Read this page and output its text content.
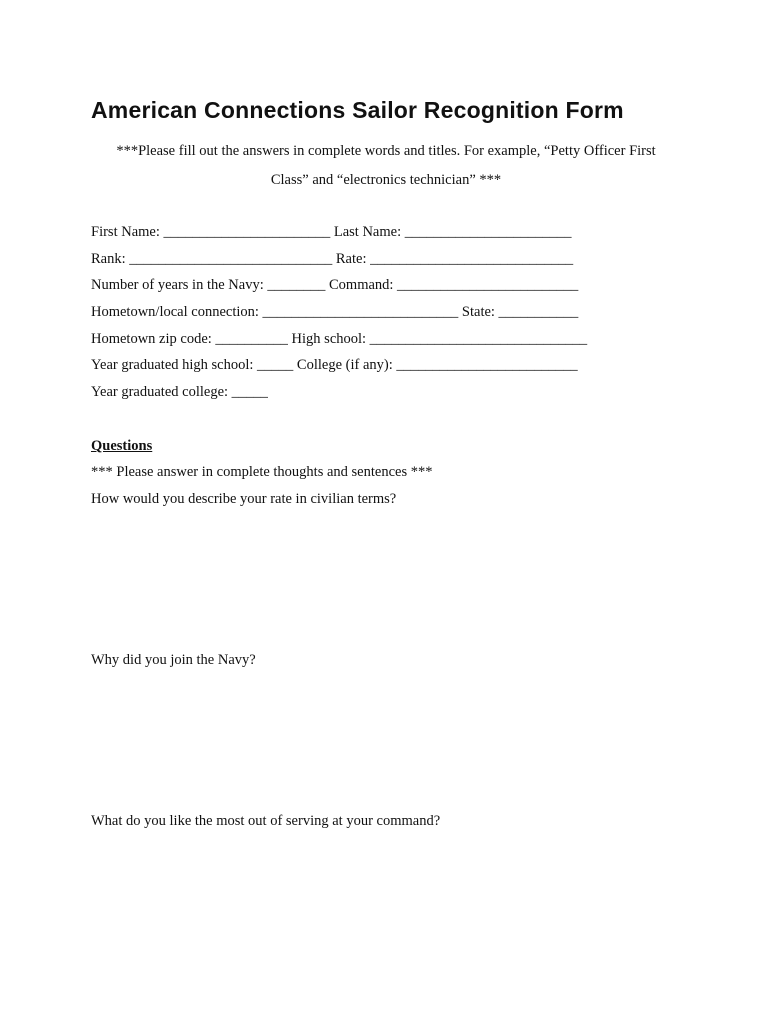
American Connections Sailor Recognition Form
***Please fill out the answers in complete words and titles. For example, “Petty Officer First
Class” and “electronics technician” ***
First Name: _______________________ Last Name: _______________________
Rank: ____________________________ Rate: ____________________________
Number of years in the Navy: ________ Command: _________________________
Hometown/local connection: ___________________________ State: ___________
Hometown zip code: __________ High school: ______________________________
Year graduated high school: _____ College (if any): _________________________
Year graduated college: _____
Questions
*** Please answer in complete thoughts and sentences ***
How would you describe your rate in civilian terms?
Why did you join the Navy?
What do you like the most out of serving at your command?
